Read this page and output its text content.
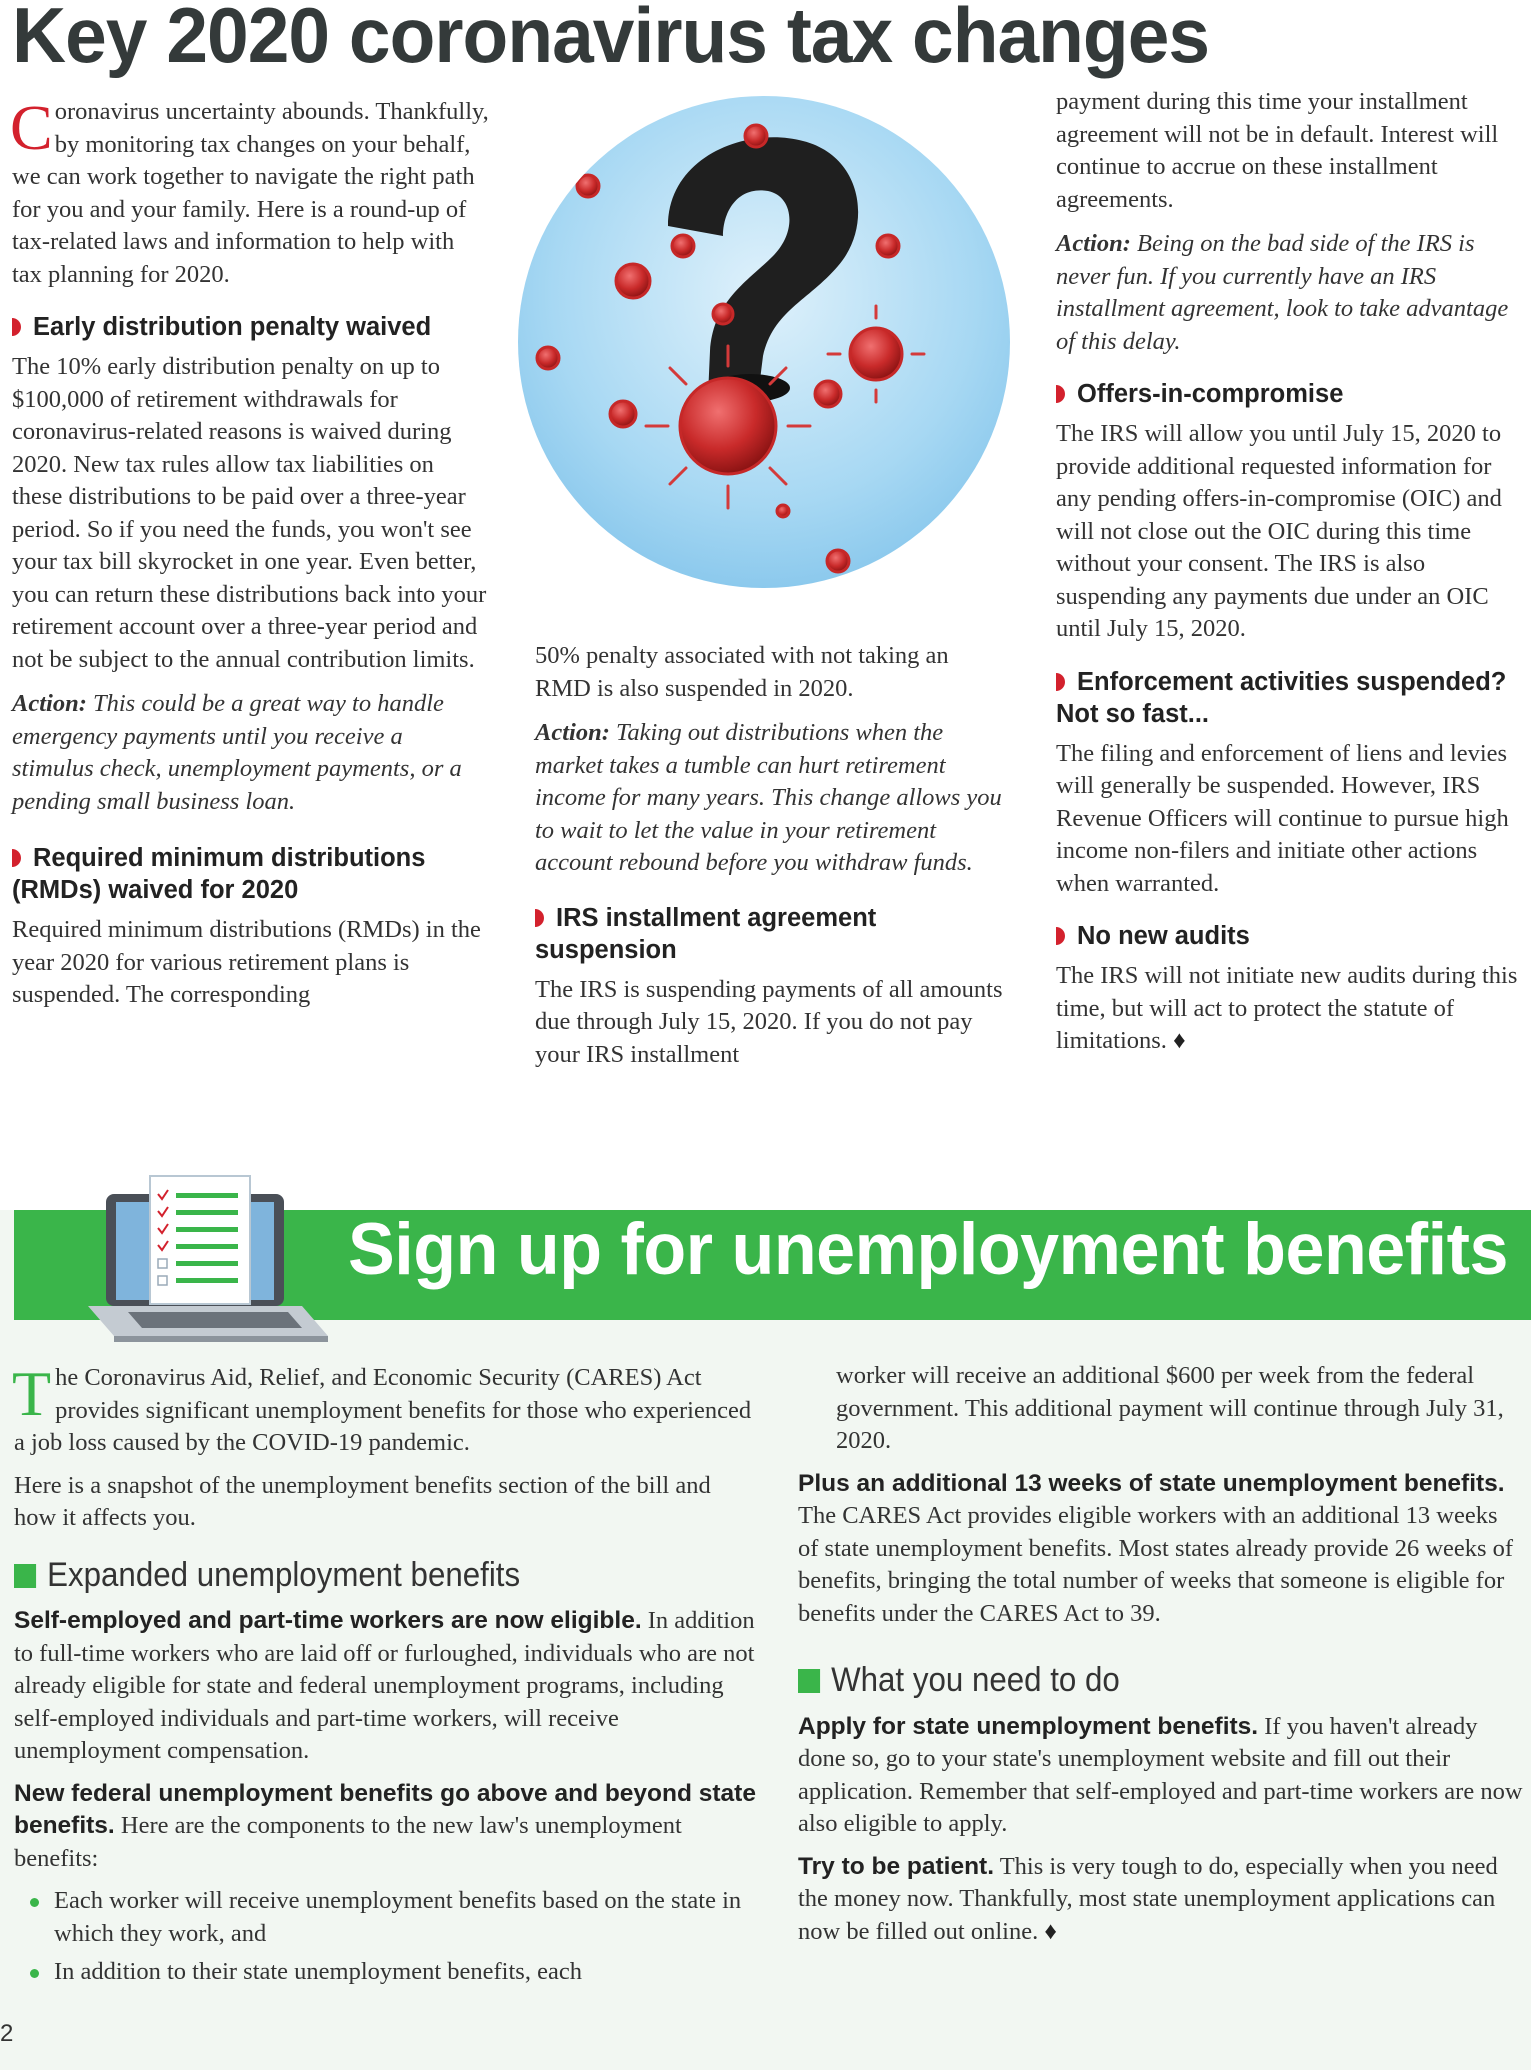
Key 2020 coronavirus tax changes

Coronavirus uncertainty abounds. Thankfully, by monitoring tax changes on your behalf, we can work together to navigate the right path for you and your family. Here is a round-up of tax-related laws and information to help with tax planning for 2020.

Early distribution penalty waived

The 10% early distribution penalty on up to $100,000 of retirement withdrawals for coronavirus-related reasons is waived during 2020. New tax rules allow tax liabilities on these distributions to be paid over a three-year period. So if you need the funds, you won't see your tax bill skyrocket in one year. Even better, you can return these distributions back into your retirement account over a three-year period and not be subject to the annual contribution limits.

Action: This could be a great way to handle emergency payments until you receive a stimulus check, unemployment payments, or a pending small business loan.

Required minimum distributions (RMDs) waived for 2020

Required minimum distributions (RMDs) in the year 2020 for various retirement plans is suspended. The corresponding

50% penalty associated with not taking an RMD is also suspended in 2020.

Action: Taking out distributions when the market takes a tumble can hurt retirement income for many years. This change allows you to wait to let the value in your retirement account rebound before you withdraw funds.

IRS installment agreement suspension

The IRS is suspending payments of all amounts due through July 15, 2020. If you do not pay your IRS installment

payment during this time your installment agreement will not be in default. Interest will continue to accrue on these installment agreements.

Action: Being on the bad side of the IRS is never fun. If you currently have an IRS installment agreement, look to take advantage of this delay.

Offers-in-compromise

The IRS will allow you until July 15, 2020 to provide additional requested information for any pending offers-in-compromise (OIC) and will not close out the OIC during this time without your consent. The IRS is also suspending any payments due under an OIC until July 15, 2020.

Enforcement activities suspended? Not so fast...

The filing and enforcement of liens and levies will generally be suspended. However, IRS Revenue Officers will continue to pursue high income non-filers and initiate other actions when warranted.

No new audits

The IRS will not initiate new audits during this time, but will act to protect the statute of limitations. ♦

Sign up for unemployment benefits

The Coronavirus Aid, Relief, and Economic Security (CARES) Act provides significant unemployment benefits for those who experienced a job loss caused by the COVID-19 pandemic.

Here is a snapshot of the unemployment benefits section of the bill and how it affects you.

Expanded unemployment benefits

Self-employed and part-time workers are now eligible. In addition to full-time workers who are laid off or furloughed, individuals who are not already eligible for state and federal unemployment programs, including self-employed individuals and part-time workers, will receive unemployment compensation.

New federal unemployment benefits go above and beyond state benefits. Here are the components to the new law's unemployment benefits:

Each worker will receive unemployment benefits based on the state in which they work, and
In addition to their state unemployment benefits, each

worker will receive an additional $600 per week from the federal government. This additional payment will continue through July 31, 2020.

Plus an additional 13 weeks of state unemployment benefits. The CARES Act provides eligible workers with an additional 13 weeks of state unemployment benefits. Most states already provide 26 weeks of benefits, bringing the total number of weeks that someone is eligible for benefits under the CARES Act to 39.

What you need to do

Apply for state unemployment benefits. If you haven't already done so, go to your state's unemployment website and fill out their application. Remember that self-employed and part-time workers are now also eligible to apply.

Try to be patient. This is very tough to do, especially when you need the money now. Thankfully, most state unemployment applications can now be filled out online. ♦

2
